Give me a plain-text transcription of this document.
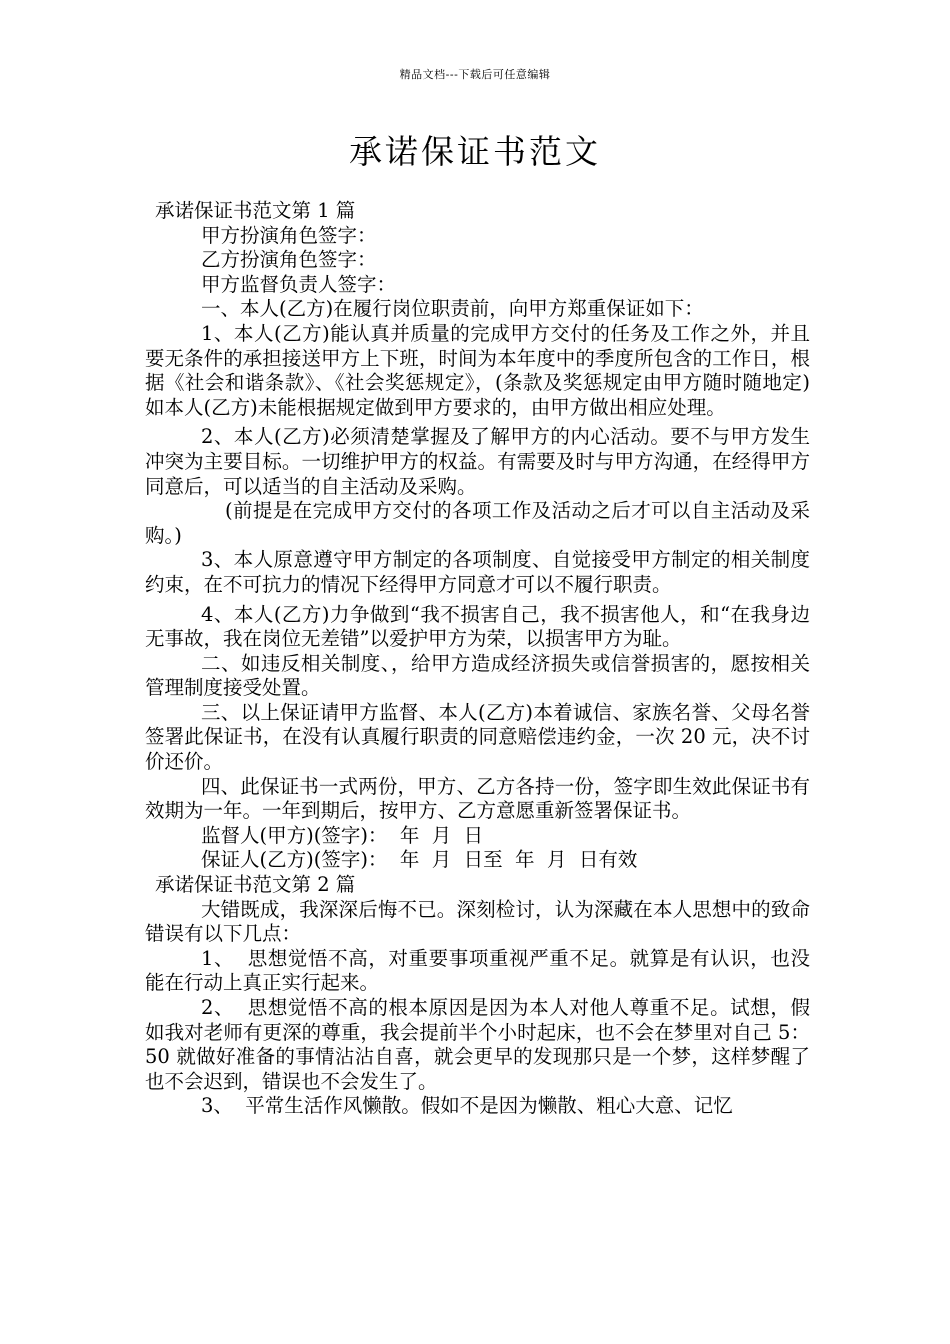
精品文档---下载后可任意编辑
承诺保证书范文

承诺保证书范文第 1 篇

甲方扮演角色签字：

乙方扮演角色签字：

甲方监督负责人签字：

一、本人(乙方)在履行岗位职责前，向甲方郑重保证如下：

1、本人(乙方)能认真并质量的完成甲方交付的任务及工作之外，并且要无条件的承担接送甲方上下班，时间为本年度中的季度所包含的工作日，根据《社会和谐条款》、《社会奖惩规定》，(条款及奖惩规定由甲方随时随地定)如本人(乙方)未能根据规定做到甲方要求的，由甲方做出相应处理。

2、本人(乙方)必须清楚掌握及了解甲方的内心活动。要不与甲方发生冲突为主要目标。一切维护甲方的权益。有需要及时与甲方沟通，在经得甲方同意后，可以适当的自主活动及采购。

(前提是在完成甲方交付的各项工作及活动之后才可以自主活动及采购。)

3、本人原意遵守甲方制定的各项制度、自觉接受甲方制定的相关制度约束，在不可抗力的情况下经得甲方同意才可以不履行职责。

4、本人(乙方)力争做到“我不损害自己，我不损害他人，和“在我身边无事故，我在岗位无差错”以爱护甲方为荣，以损害甲方为耻。

二、如违反相关制度、，给甲方造成经济损失或信誉损害的，愿按相关管理制度接受处置。

三、以上保证请甲方监督、本人(乙方)本着诚信、家族名誉、父母名誉签署此保证书，在没有认真履行职责的同意赔偿违约金，一次 20 元，决不讨价还价。

四、此保证书一式两份，甲方、乙方各持一份，签字即生效此保证书有效期为一年。一年到期后，按甲方、乙方意愿重新签署保证书。

监督人(甲方)(签字)：  年  月  日

保证人(乙方)(签字)：  年  月  日至  年  月  日有效

承诺保证书范文第 2 篇

大错既成，我深深后悔不已。深刻检讨，认为深藏在本人思想中的致命错误有以下几点：

1、  思想觉悟不高，对重要事项重视严重不足。就算是有认识，也没能在行动上真正实行起来。

2、  思想觉悟不高的根本原因是因为本人对他人尊重不足。试想，假如我对老师有更深的尊重，我会提前半个小时起床，也不会在梦里对自己 5：50 就做好准备的事情沾沾自喜，就会更早的发现那只是一个梦，这样梦醒了也不会迟到，错误也不会发生了。

3、  平常生活作风懒散。假如不是因为懒散、粗心大意、记忆
